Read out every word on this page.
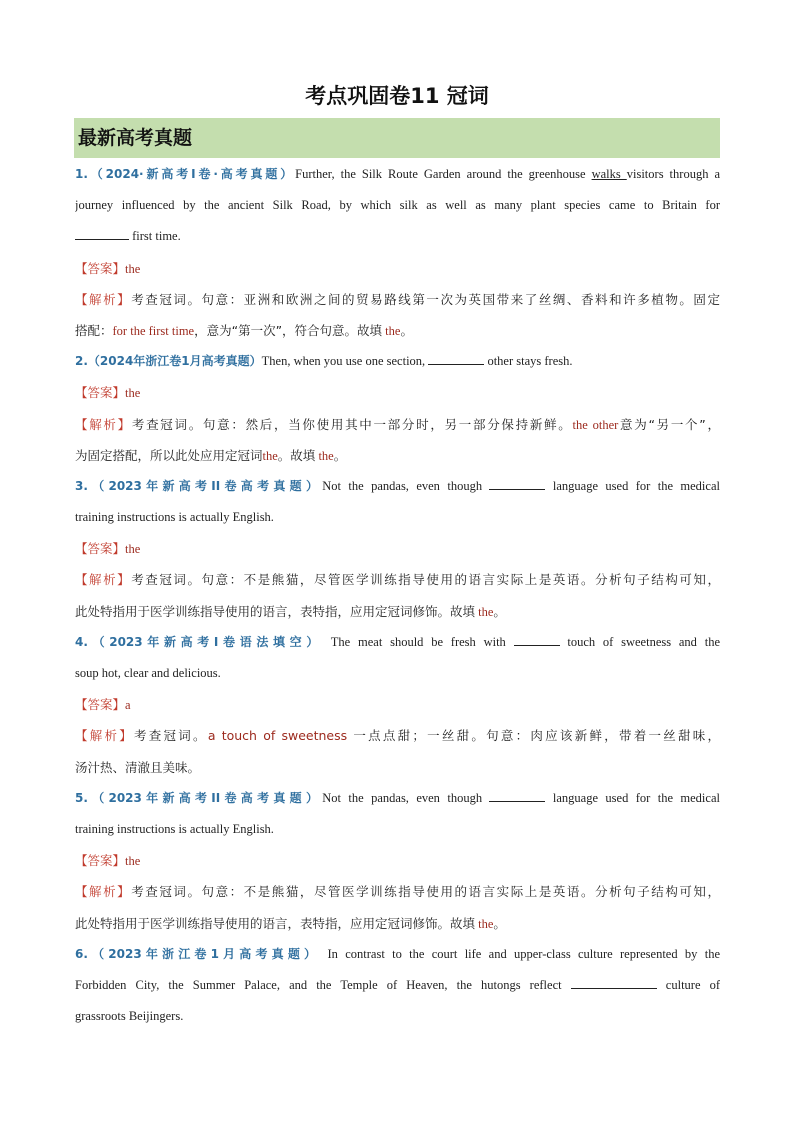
考点巩固卷11 冠词
最新高考真题
1.（2024·新高考I卷·高考真题）Further, the Silk Route Garden around the greenhouse walks visitors through a
journey influenced by the ancient Silk Road, by which silk as well as many plant species came to Britain for
first time.
【答案】the
【解析】考查冠词。句意：亚洲和欧洲之间的贸易路线第一次为英国带来了丝绸、香料和许多植物。固定
搭配：for the first time，意为“第一次”，符合句意。故填 the。
2.（2024年浙江卷1月高考真题）Then, when you use one section,	other stays fresh.
【答案】the
【解析】考查冠词。句意：然后，当你使用其中一部分时，另一部分保持新鲜。the other意为“另一个”，
为固定搭配，所以此处应用定冠词the。故填 the。
3.（2023年新高考II卷高考真题）Not the pandas, even though	language used for the medical
training instructions is actually English.
【答案】the
【解析】考查冠词。句意：不是熊猫，尽管医学训练指导使用的语言实际上是英语。分析句子结构可知，
此处特指用于医学训练指导使用的语言，表特指，应用定冠词修饰。故填 the。
4.（2023年新高考I卷语法填空） The meat should be fresh with	touch of sweetness and the
soup hot, clear and delicious.
【答案】a
【解析】考查冠词。a touch of sweetness 一点点甜；一丝甜。句意：肉应该新鲜，带着一丝甜味，
汤汁热、清澈且美味。
5.（2023年新高考II卷高考真题）Not the pandas, even though	language used for the medical
training instructions is actually English.
【答案】the
【解析】考查冠词。句意：不是熊猫，尽管医学训练指导使用的语言实际上是英语。分析句子结构可知，
此处特指用于医学训练指导使用的语言，表特指，应用定冠词修饰。故填 the。
6.（2023年浙江卷1月高考真题） In contrast to the court life and upper-class culture represented by the
Forbidden City, the Summer Palace, and the Temple of Heaven, the hutongs reflect	culture of
grassroots Beijingers.
